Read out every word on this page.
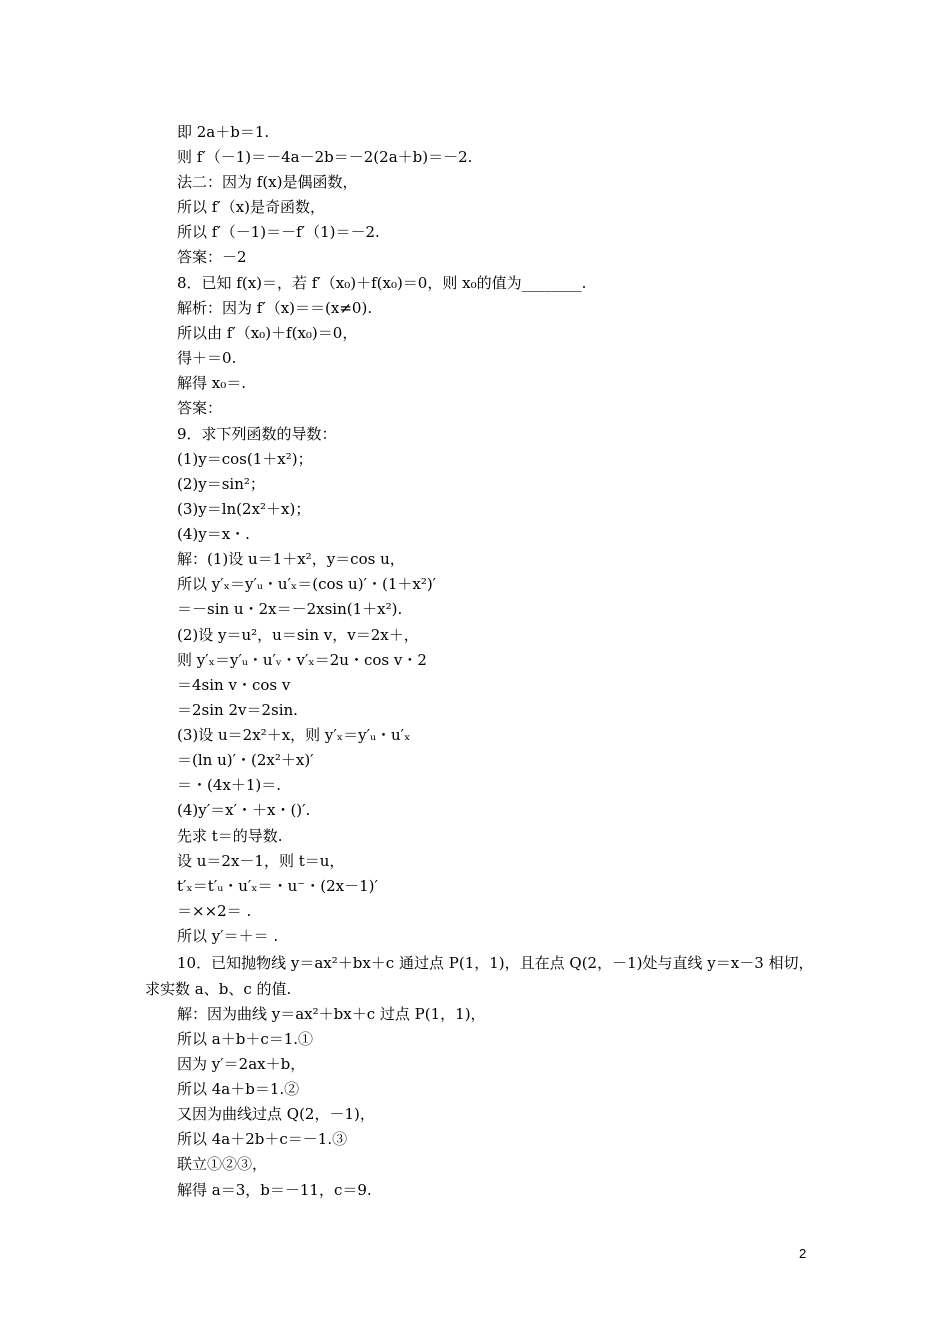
即 2a＋b＝1.
则 f′（－1)＝－4a－2b＝－2(2a＋b)＝－2.
法二：因为 f(x)是偶函数，
所以 f′（x)是奇函数，
所以 f′（－1)＝－f′（1)＝－2.
答案：－2
8．已知 f(x)＝，若 f′（x₀)＋f(x₀)＝0，则 x₀的值为________.
解析：因为 f′（x)＝＝(x≠0).
所以由 f′（x₀)＋f(x₀)＝0，
得＋＝0.
解得 x₀＝.
答案：
9．求下列函数的导数：
(1)y＝cos(1＋x²)；
(2)y＝sin²；
(3)y＝ln(2x²＋x)；
(4)y＝x・.
解：(1)设 u＝1＋x²，y＝cos u，
所以 y′ₓ＝y′ᵤ・u′ₓ＝(cos u)′・(1＋x²)′
＝－sin u・2x＝－2xsin(1＋x²).
(2)设 y＝u²，u＝sin v，v＝2x＋，
则 y′ₓ＝y′ᵤ・u′ᵥ・v′ₓ＝2u・cos v・2
＝4sin v・cos v
＝2sin 2v＝2sin.
(3)设 u＝2x²＋x，则 y′ₓ＝y′ᵤ・u′ₓ
＝(ln u)′・(2x²＋x)′
＝・(4x＋1)＝.
(4)y′＝x′・＋x・()′.
先求 t＝的导数.
设 u＝2x－1，则 t＝u，
t′ₓ＝t′ᵤ・u′ₓ＝・u⁻・(2x－1)′
＝××2＝ .
所以 y′＝＋＝ .
10．已知抛物线 y＝ax²＋bx＋c 通过点 P(1，1)，且在点 Q(2，－1)处与直线 y＝x－3 相切，
求实数 a、b、c 的值.
解：因为曲线 y＝ax²＋bx＋c 过点 P(1，1)，
所以 a＋b＋c＝1.①
因为 y′＝2ax＋b，
所以 4a＋b＝1.②
又因为曲线过点 Q(2，－1)，
所以 4a＋2b＋c＝－1.③
联立①②③，
解得 a＝3，b＝－11，c＝9.
2
